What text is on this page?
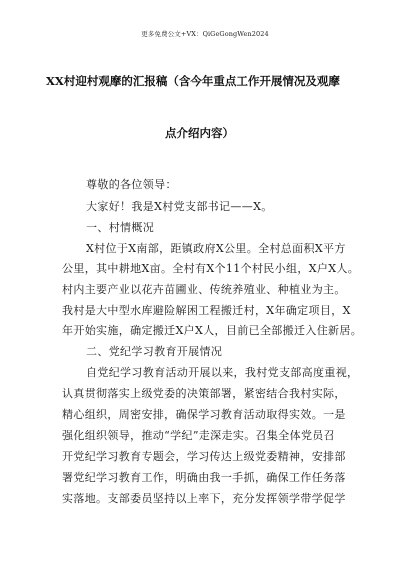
更多免费公文+VX：QiGeGongWen2024
XX村迎村观摩的汇报稿（含今年重点工作开展情况及观摩
点介绍内容）
尊敬的各位领导：
大家好！我是X村党支部书记——X。
一、村情概况
X村位于X南部，距镇政府X公里。全村总面积X平方
公里，其中耕地X亩。全村有X个11个村民小组，X户X人。
村内主要产业以花卉苗圃业、传统养殖业、种植业为主。
我村是大中型水库避险解困工程搬迁村，X年确定项目，X
年开始实施，确定搬迁X户X人，目前已全部搬迁入住新居。
二、党纪学习教育开展情况
自党纪学习教育活动开展以来，我村党支部高度重视，
认真贯彻落实上级党委的决策部署，紧密结合我村实际，
精心组织，周密安排，确保学习教育活动取得实效。一是
强化组织领导，推动“学纪”走深走实。召集全体党员召
开党纪学习教育专题会，学习传达上级党委精神，安排部
署党纪学习教育工作，明确由我一手抓，确保工作任务落
实落地。支部委员坚持以上率下，充分发挥领学带学促学
